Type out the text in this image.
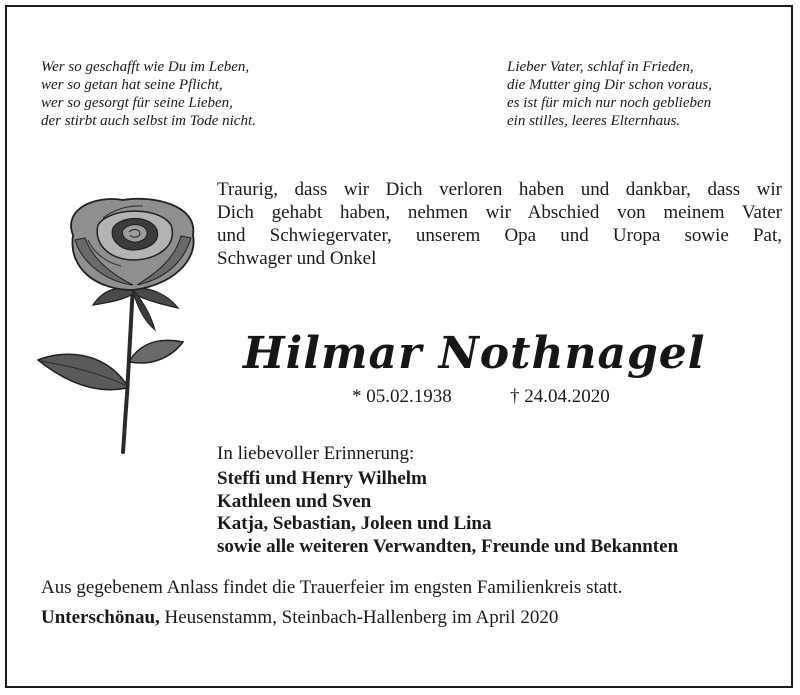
Wer so geschafft wie Du im Leben,
wer so getan hat seine Pflicht,
wer so gesorgt für seine Lieben,
der stirbt auch selbst im Tode nicht.
Lieber Vater, schlaf in Frieden,
die Mutter ging Dir schon voraus,
es ist für mich nur noch geblieben
ein stilles, leeres Elternhaus.
Traurig, dass wir Dich verloren haben und dankbar, dass wir
Dich gehabt haben, nehmen wir Abschied von meinem Vater
und Schwiegervater, unserem Opa und Uropa sowie Pat,
Schwager und Onkel
Hilmar Nothnagel
* 05.02.1938	† 24.04.2020
In liebevoller Erinnerung:
Steffi und Henry Wilhelm
Kathleen und Sven
Katja, Sebastian, Joleen und Lina
sowie alle weiteren Verwandten, Freunde und Bekannten
Aus gegebenem Anlass findet die Trauerfeier im engsten Familienkreis statt.
Unterschönau, Heusenstamm, Steinbach-Hallenberg im April 2020
